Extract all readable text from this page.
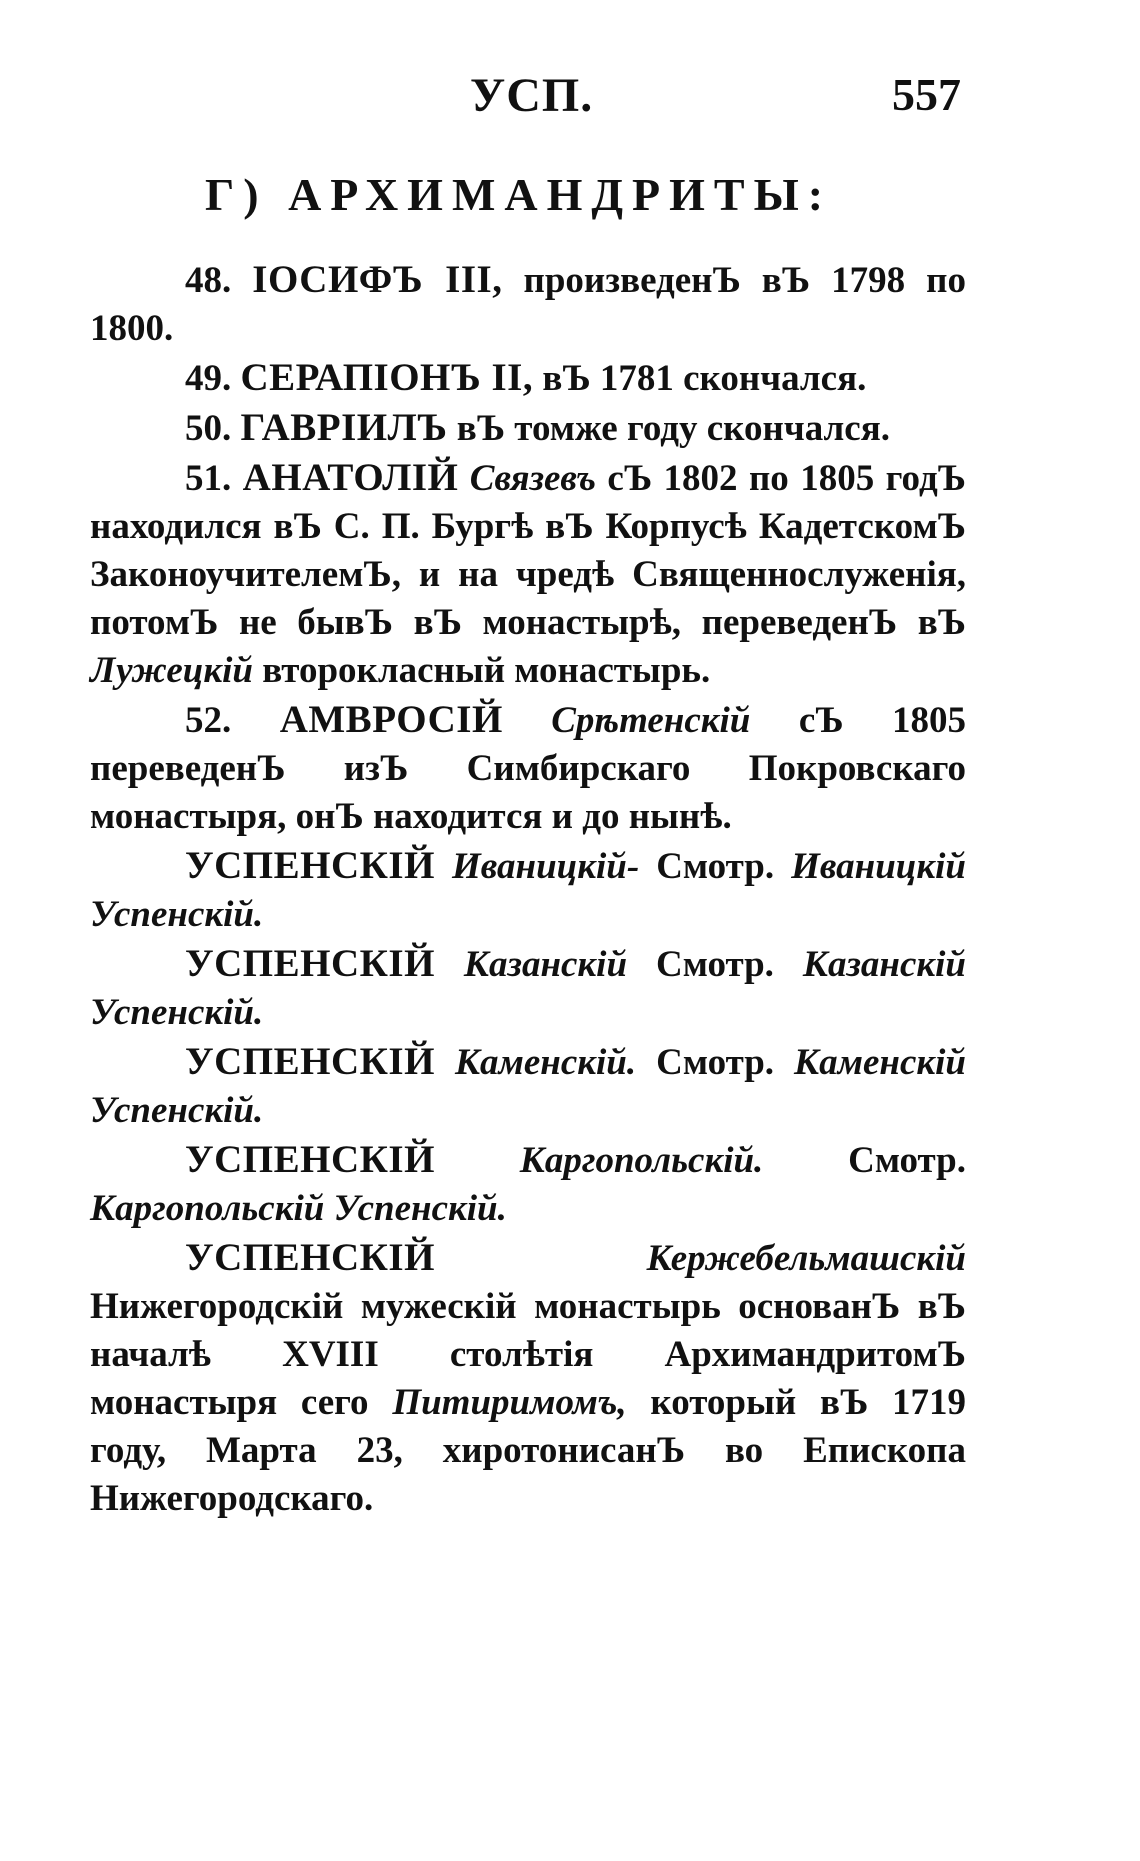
УСП.	557
Г) АРХИМАНДРИТЫ:

48. ІОСИФЪ III, произведенЪ вЪ 1798 по 1800.

49. СЕРАПІОНЪ II, вЪ 1781 скончался.

50. ГАВРІИЛЪ вЪ томже году скончался.

51. АНАТОЛІЙ Связевъ сЪ 1802 по 1805 годЪ находился вЪ С. П. Бургѣ вЪ Корпусѣ КадетскомЪ ЗаконоучителемЪ, и на чредѣ Священнослуженія, потомЪ не бывЪ вЪ монастырѣ, переведенЪ вЪ Лужецкій второкласный монастырь.

52. АМВРОСІЙ Срѣтенскій сЪ 1805 переведенЪ изЪ Симбирскаго Покровскаго монастыря, онЪ находится и до нынѣ.

УСПЕНСКІЙ Иваницкій- Смотр. Иваницкій Успенскій.

УСПЕНСКІЙ Казанскій Смотр. Казанскій Успенскій.

УСПЕНСКІЙ Каменскій. Смотр. Каменскій Успенскій.

УСПЕНСКІЙ Каргопольскій. Смотр. Каргопольскій Успенскій.

УСПЕНСКІЙ	Кержебельмашскій Нижегородскій мужескій монастырь основанЪ вЪ началѣ XVIII столѣтія АрхимандритомЪ монастыря сего Питиримомъ, который вЪ 1719 году, Марта 23, хиротонисанЪ во Епископа Нижегородскаго.
